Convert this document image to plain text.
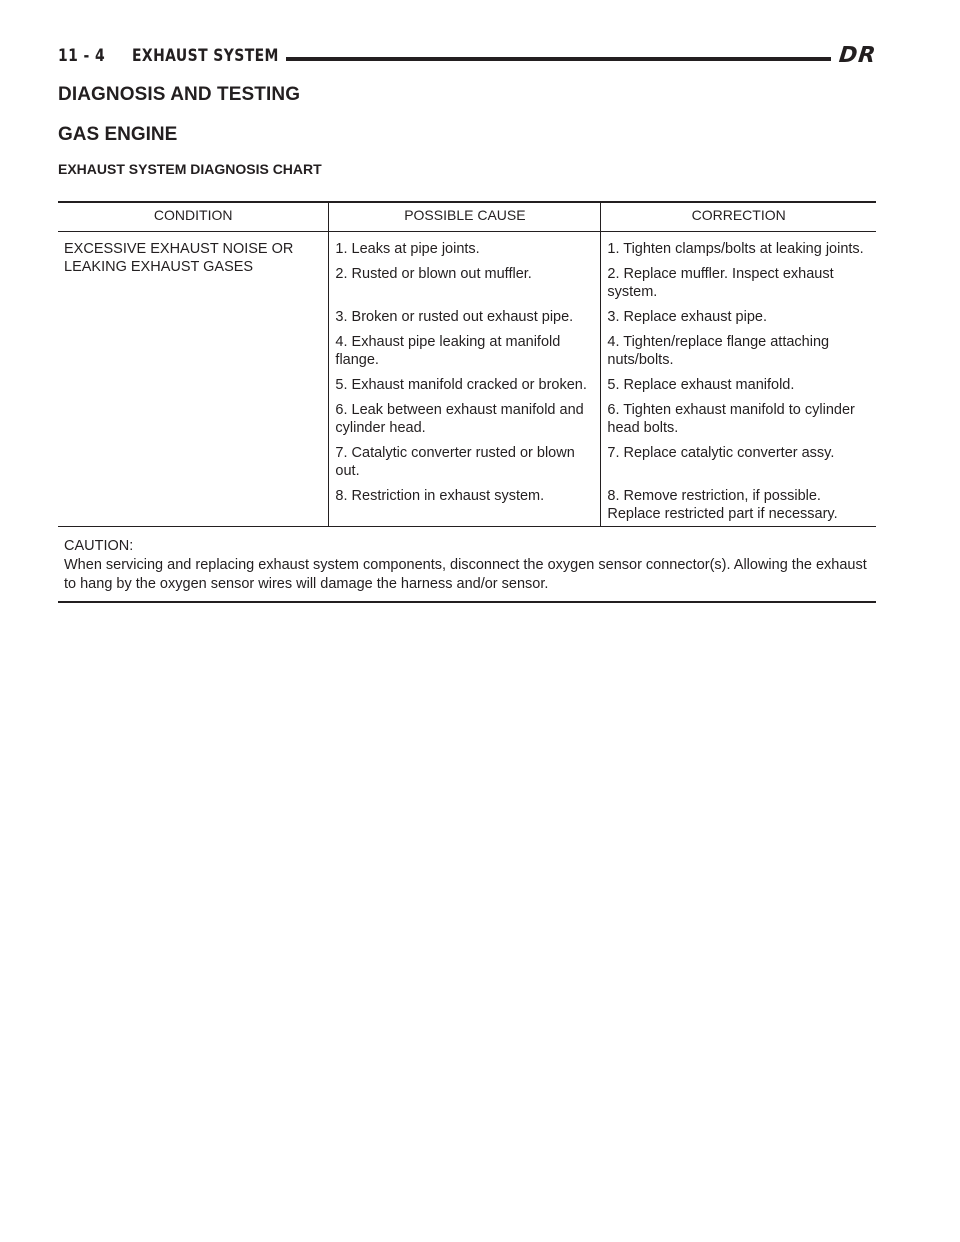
11 - 4 EXHAUST SYSTEM	DR
DIAGNOSIS AND TESTING
GAS ENGINE
EXHAUST SYSTEM DIAGNOSIS CHART
CONDITION	POSSIBLE CAUSE	CORRECTION
EXCESSIVE EXHAUST NOISE OR LEAKING EXHAUST GASES	1. Leaks at pipe joints.	1. Tighten clamps/bolts at leaking joints.
	2. Rusted or blown out muffler.	2. Replace muffler. Inspect exhaust system.
	3. Broken or rusted out exhaust pipe.	3. Replace exhaust pipe.
	4. Exhaust pipe leaking at manifold flange.	4. Tighten/replace flange attaching nuts/bolts.
	5. Exhaust manifold cracked or broken.	5. Replace exhaust manifold.
	6. Leak between exhaust manifold and cylinder head.	6. Tighten exhaust manifold to cylinder head bolts.
	7. Catalytic converter rusted or blown out.	7. Replace catalytic converter assy.
	8. Restriction in exhaust system.	8. Remove restriction, if possible. Replace restricted part if necessary.

CAUTION:
When servicing and replacing exhaust system components, disconnect the oxygen sensor connector(s). Allowing the exhaust to hang by the oxygen sensor wires will damage the harness and/or sensor.		
